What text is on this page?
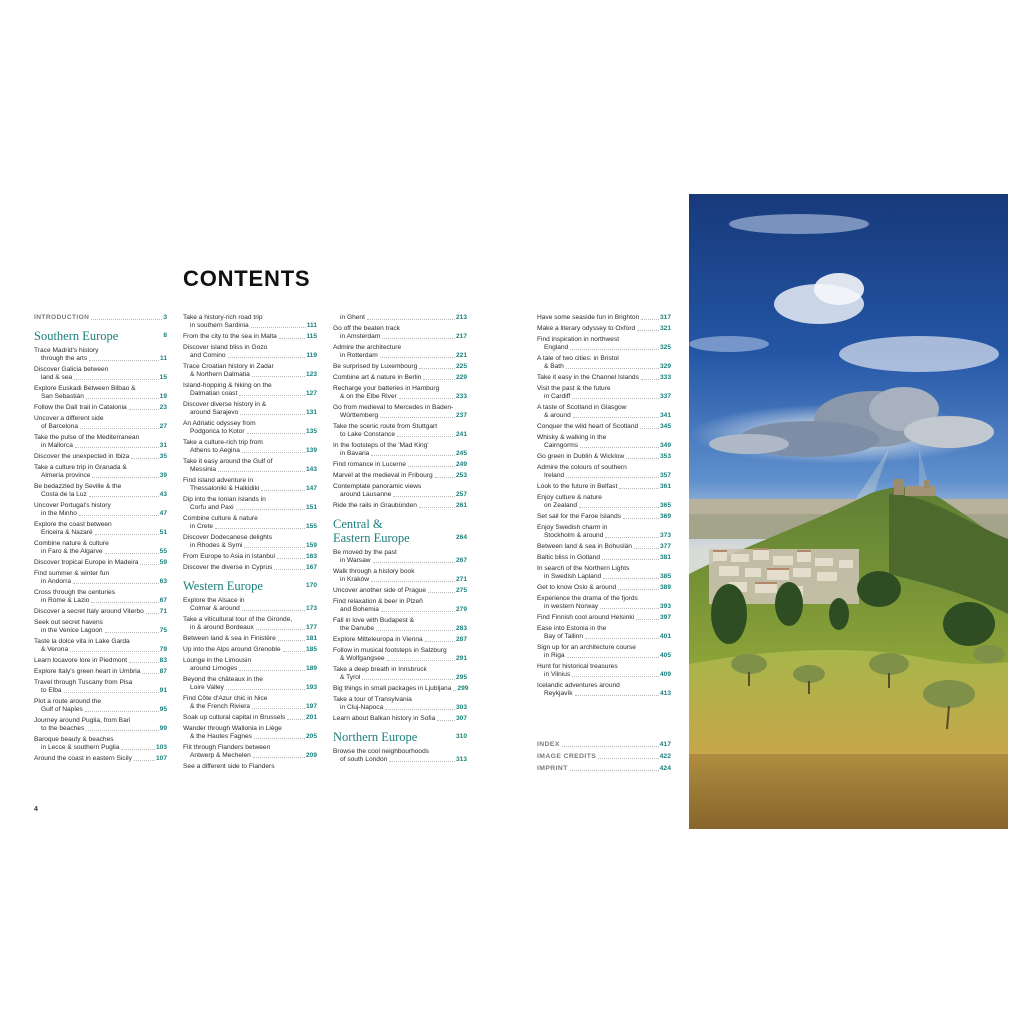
CONTENTS
INTRODUCTION	3
Southern Europe	8
Trace Madrid's history
through the arts	11
Discover Galicia between
land & sea	15
Explore Euskadi Between Bilbao &
San Sebastián	19
Follow the Dalí trail in Catalonia	23
Uncover a different side
of Barcelona	27
Take the pulse of the Mediterranean
in Mallorca	31
Discover the unexpected in Ibiza	35
Take a culture trip in Granada &
Almería province	39
Be bedazzled by Seville & the
Costa de la Luz	43
Uncover Portugal's history
in the Minho	47
Explore the coast between
Ericeira & Nazaré	51
Combine nature & culture
in Faro & the Algarve	55
Discover tropical Europe in Madeira	59
Find summer & winter fun
in Andorra	63
Cross through the centuries
in Rome & Lazio	67
Discover a secret Italy around Viterbo 71
Seek out secret havens
in the Venice Lagoon	75
Taste la dolce vita in Lake Garda
& Verona	79
Learn locavore lore in Piedmont	83
Explore Italy's green heart in Umbria	87
Travel through Tuscany from Pisa
to Elba	91
Plot a route around the
Gulf of Naples	95
Journey around Puglia, from Bari
to the beaches	99
Baroque beauty & beaches
in Lecce & southern Puglia	103
Around the coast in eastern Sicily	107
Take a history-rich road trip
in southern Sardinia	111
From the city to the sea in Malta	115
Discover island bliss in Gozo
and Comino	119
Trace Croatian history in Zadar
& Northern Dalmatia	123
Island-hopping & hiking on the
Dalmatian coast	127
Discover diverse history in &
around Sarajevo	131
An Adriatic odyssey from
Podgorica to Kotor	135
Take a culture-rich trip from
Athens to Aegina	139
Take it easy around the Gulf of
Messinia	143
Find island adventure in
Thessaloniki & Halkidiki	147
Dip into the Ionian Islands in
Corfu and Paxi	151
Combine culture & nature
in Crete	155
Discover Dodecanese delights
in Rhodes & Symi	159
From Europe to Asia in Istanbul	163
Discover the diverse in Cyprus	167
Western Europe	170
Explore the Alsace in
Colmar & around	173
Take a viticultural tour of the Gironde,
in & around Bordeaux	177
Between land & sea in Finistère	181
Up into the Alps around Grenoble	185
Lounge in the Limousin
around Limoges	189
Beyond the châteaux in the
Loire Valley	193
Find Côte d'Azur chic in Nice
& the French Riviera	197
Soak up cultural capital in Brussels	201
Wander through Wallonia in Liège
& the Hautes Fagnes	205
Flit through Flanders between
Antwerp & Mechelen	209
See a different side to Flanders
in Ghent	213
Go off the beaten track
in Amsterdam	217
Admire the architecture
in Rotterdam	221
Be surprised by Luxembourg	225
Combine art & nature in Berlin	229
Recharge your batteries in Hamburg
& on the Elbe River	233
Go from medieval to Mercedes in Baden-
Württemberg	237
Take the scenic route from Stuttgart
to Lake Constance	241
In the footsteps of the 'Mad King'
in Bavaria	245
Find romance in Lucerne	249
Marvel at the medieval in Fribourg	253
Contemplate panoramic views
around Lausanne	257
Ride the rails in Graubünden	261
Central &
Eastern Europe	264
Be moved by the past
in Warsaw	267
Walk through a history book
in Kraków	271
Uncover another side of Prague	275
Find relaxation & beer in Plzeň
and Bohemia	279
Fall in love with Budapest &
the Danube	283
Explore Mitteleuropa in Vienna	287
Follow in musical footsteps in Salzburg
& Wolfgangsee	291
Take a deep breath in Innsbruck
& Tyrol	295
Big things in small packages in Ljubljana 299
Take a tour of Transylvania
in Cluj-Napoca	303
Learn about Balkan history in Sofia	307
Northern Europe	310
Browse the cool neighbourhoods
of south London	313
Have some seaside fun in Brighton	317
Make a literary odyssey to Oxford	321
Find inspiration in northwest
England	325
A tale of two cities: in Bristol
& Bath	329
Take it easy in the Channel Islands	333
Visit the past & the future
in Cardiff	337
A taste of Scotland in Glasgow
& around	341
Conquer the wild heart of Scotland	345
Whisky & walking in the
Cairngorms	349
Go green in Dublin & Wicklow	353
Admire the colours of southern
Ireland	357
Look to the future in Belfast	361
Enjoy culture & nature
on Zealand	365
Set sail for the Faroe Islands	369
Enjoy Swedish charm in
Stockholm & around	373
Between land & sea in Bohuslän	377
Baltic bliss in Gotland	381
In search of the Northern Lights
in Swedish Lapland	385
Get to know Oslo & around	389
Experience the drama of the fjords
in western Norway	393
Find Finnish cool around Helsinki	397
Ease into Estonia in the
Bay of Tallinn	401
Sign up for an architecture course
in Riga	405
Hunt for historical treasures
in Vilnius	409
Icelandic adventures around
Reykjavík	413
INDEX	417
IMAGE CREDITS	422
IMPRINT	424
4
